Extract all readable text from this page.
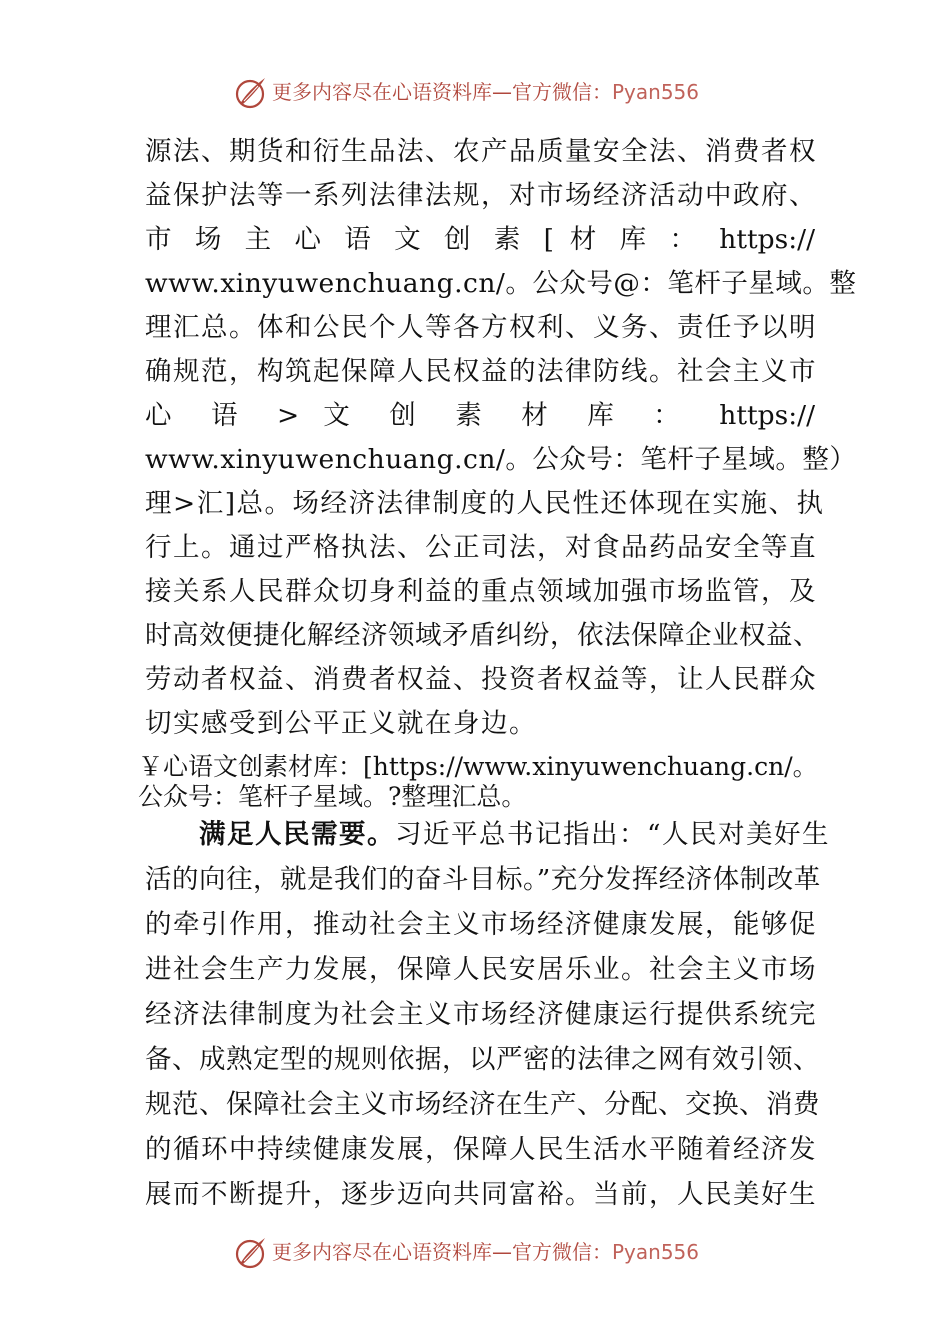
更多内容尽在心语资料库—官方微信：Pyan556
源法、期货和衍生品法、农产品质量安全法、消费者权
益保护法等一系列法律法规，对市场经济活动中政府、
市 场 主 心 语 文 创 素 [ 材 库 ： https://
www.xinyuwenchuang.cn/。公众号@：笔杆子星域。整
理汇总。体和公民个人等各方权利、义务、责任予以明
确规范，构筑起保障人民权益的法律防线。社会主义市
心 语 > 文 创 素 材 库 ： https://
www.xinyuwenchuang.cn/。公众号：笔杆子星域。整）
理>汇]总。场经济法律制度的人民性还体现在实施、执
行上。通过严格执法、公正司法，对食品药品安全等直
接关系人民群众切身利益的重点领域加强市场监管，及
时高效便捷化解经济领域矛盾纠纷，依法保障企业权益、
劳动者权益、消费者权益、投资者权益等，让人民群众
切实感受到公平正义就在身边。
￥心语文创素材库：[https://www.xinyuwenchuang.cn/。
公众号：笔杆子星域。?整理汇总。
满足人民需要。习近平总书记指出：“人民对美好生
活的向往，就是我们的奋斗目标。”充分发挥经济体制改革
的牵引作用，推动社会主义市场经济健康发展，能够促
进社会生产力发展，保障人民安居乐业。社会主义市场
经济法律制度为社会主义市场经济健康运行提供系统完
备、成熟定型的规则依据，以严密的法律之网有效引领、
规范、保障社会主义市场经济在生产、分配、交换、消费
的循环中持续健康发展，保障人民生活水平随着经济发
展而不断提升，逐步迈向共同富裕。当前，人民美好生
更多内容尽在心语资料库—官方微信：Pyan556
